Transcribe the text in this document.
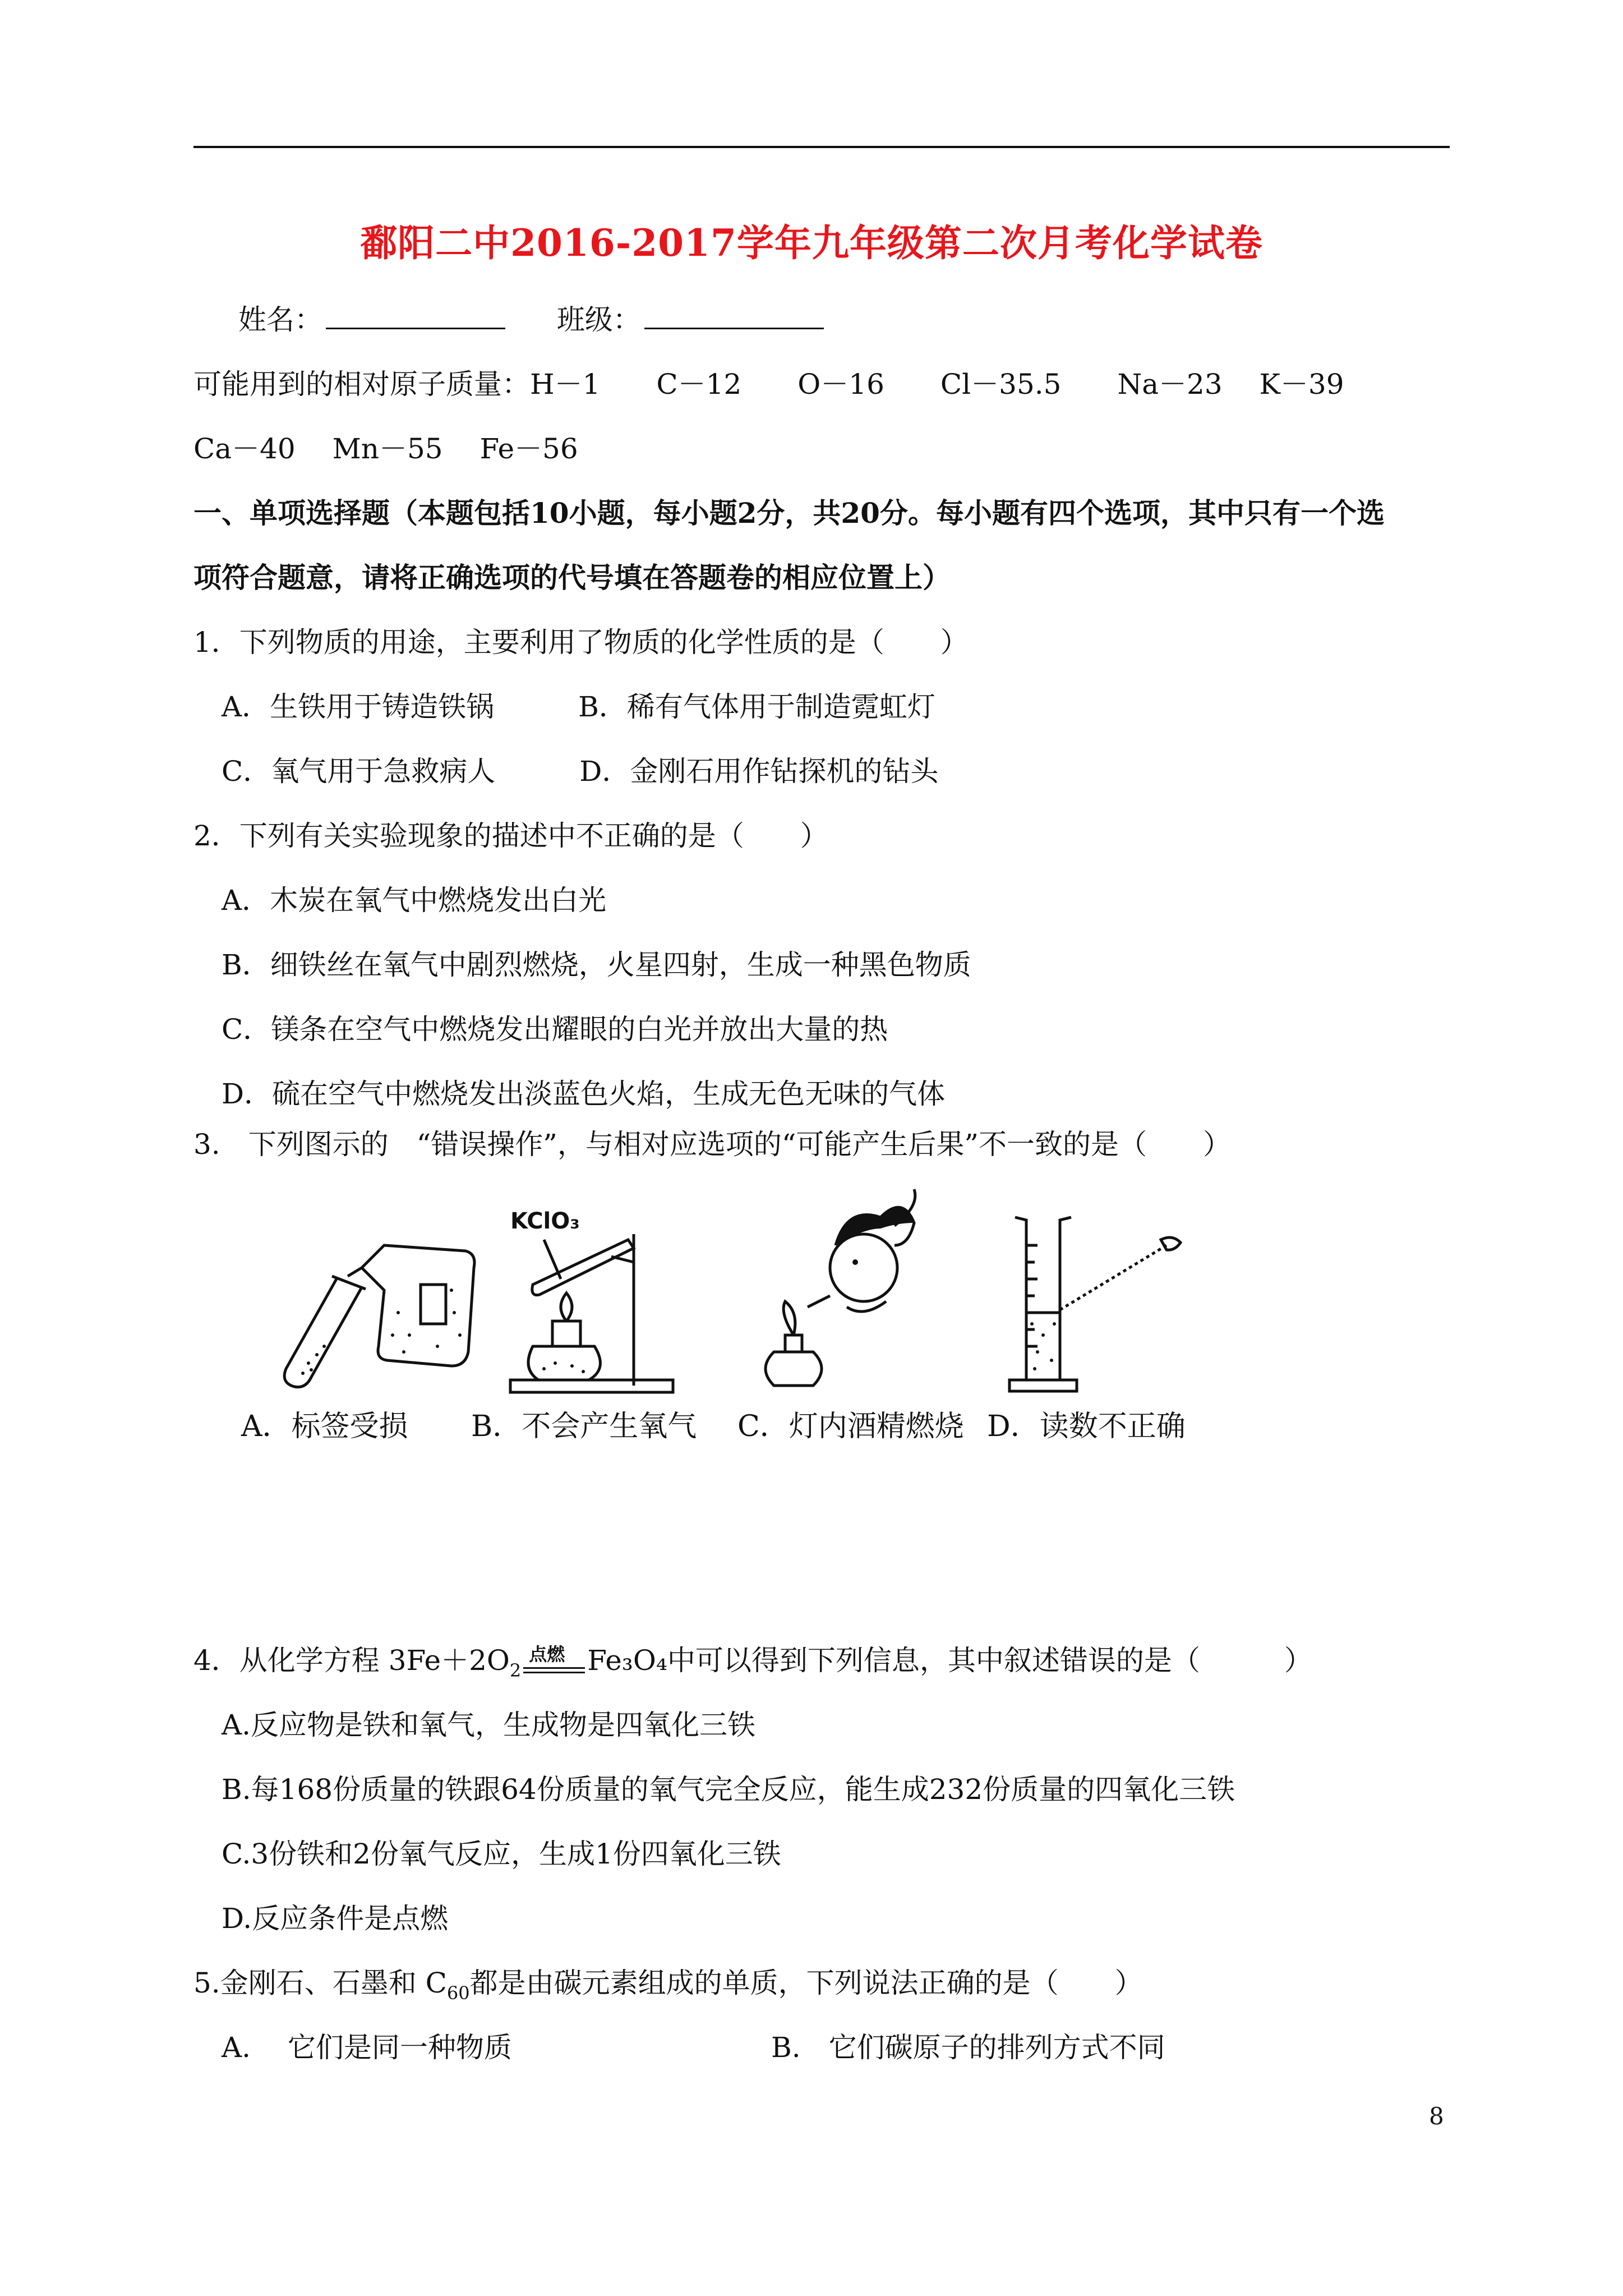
鄱阳二中2016-2017学年九年级第二次月考化学试卷
姓名：	班级：
可能用到的相对原子质量：H－1　　C－12　　O－16　　Cl－35.5　　Na－23　 K－39
Ca－40　 Mn－55　 Fe－56
一、单项选择题（本题包括10小题，每小题2分，共20分。每小题有四个选项，其中只有一个选
项符合题意，请将正确选项的代号填在答题卷的相应位置上）
1．下列物质的用途，主要利用了物质的化学性质的是（　　）
A．生铁用于铸造铁锅　　　B．稀有气体用于制造霓虹灯
C．氧气用于急救病人　　　D．金刚石用作钻探机的钻头
2．下列有关实验现象的描述中不正确的是（　　）
A．木炭在氧气中燃烧发出白光
B．细铁丝在氧气中剧烈燃烧，火星四射，生成一种黑色物质
C．镁条在空气中燃烧发出耀眼的白光并放出大量的热
D．硫在空气中燃烧发出淡蓝色火焰，生成无色无味的气体
3.　下列图示的　“错误操作”，与相对应选项的“可能产生后果”不一致的是（　　）
KClO₃
A．标签受损 B．不会产生氧气 C．灯内酒精燃烧 D．读数不正确
4．从化学方程 $3Fe+2O_2$
点燃 Fe₃O₄中可以得到下列信息，其中叙述错误的是（　　　）
A.反应物是铁和氧气，生成物是四氧化三铁
B.每168份质量的铁跟64份质量的氧气完全反应，能生成232份质量的四氧化三铁
C.3份铁和2份氧气反应，生成1份四氧化三铁
D.反应条件是点燃
5.金刚石、石墨和 $C_{60}$都是由碳元素组成的单质，下列说法正确的是（　　）
A.　 它们是同一种物质	B.　它们碳原子的排列方式不同
8
